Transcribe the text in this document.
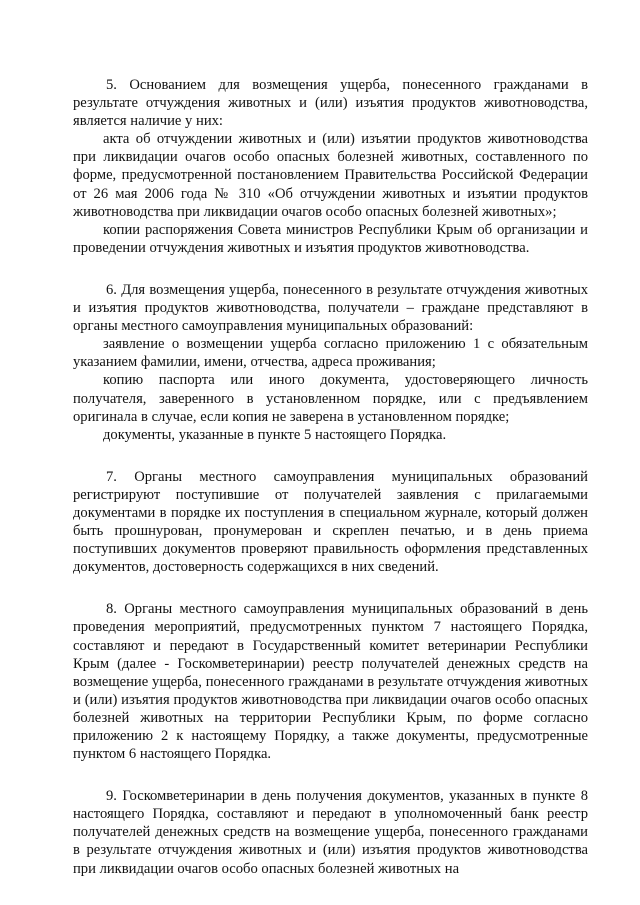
5. Основанием для возмещения ущерба, понесенного гражданами в результате отчуждения животных и (или) изъятия продуктов животноводства, является наличие у них:

акта об отчуждении животных и (или) изъятии продуктов животноводства при ликвидации очагов особо опасных болезней животных, составленного по форме, предусмотренной постановлением Правительства Российской Федерации от 26 мая 2006 года № 310 «Об отчуждении животных и изъятии продуктов животноводства при ликвидации очагов особо опасных болезней животных»;

копии распоряжения Совета министров Республики Крым об организации и проведении отчуждения животных и изъятия продуктов животноводства.

6. Для возмещения ущерба, понесенного в результате отчуждения животных и изъятия продуктов животноводства, получатели – граждане представляют в органы местного самоуправления муниципальных образований:

заявление о возмещении ущерба согласно приложению 1 с обязательным указанием фамилии, имени, отчества, адреса проживания;

копию паспорта или иного документа, удостоверяющего личность получателя, заверенного в установленном порядке, или с предъявлением оригинала в случае, если копия не заверена в установленном порядке;

документы, указанные в пункте 5 настоящего Порядка.

7. Органы местного самоуправления муниципальных образований регистрируют поступившие от получателей заявления с прилагаемыми документами в порядке их поступления в специальном журнале, который должен быть прошнурован, пронумерован и скреплен печатью, и в день приема поступивших документов проверяют правильность оформления представленных документов, достоверность содержащихся в них сведений.

8. Органы местного самоуправления муниципальных образований в день проведения мероприятий, предусмотренных пунктом 7 настоящего Порядка, составляют и передают в Государственный комитет ветеринарии Республики Крым (далее - Госкомветеринарии) реестр получателей денежных средств на возмещение ущерба, понесенного гражданами в результате отчуждения животных и (или) изъятия продуктов животноводства при ликвидации очагов особо опасных болезней животных на территории Республики Крым, по форме согласно приложению 2 к настоящему Порядку, а также документы, предусмотренные пунктом 6 настоящего Порядка.

9. Госкомветеринарии в день получения документов, указанных в пункте 8 настоящего Порядка, составляют и передают в уполномоченный банк реестр получателей денежных средств на возмещение ущерба, понесенного гражданами в результате отчуждения животных и (или) изъятия продуктов животноводства при ликвидации очагов особо опасных болезней животных на
